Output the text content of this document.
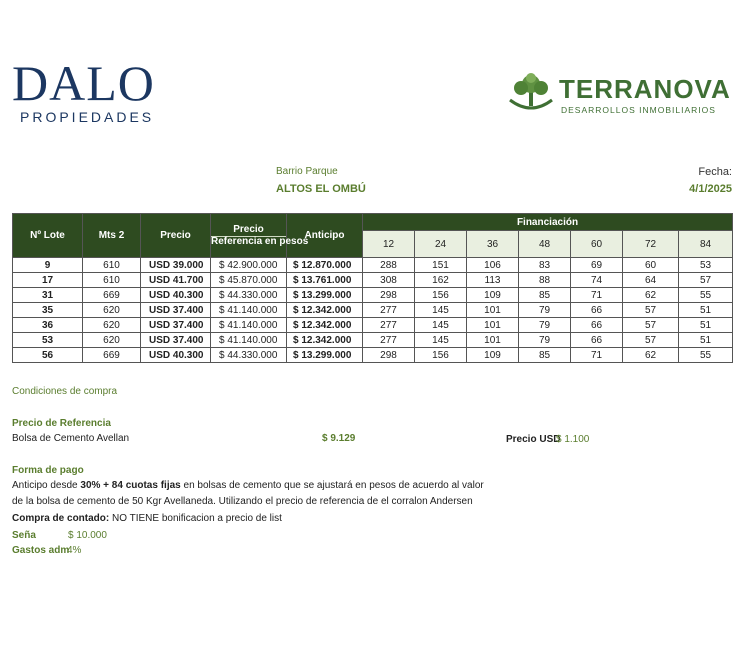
DALO
PROPIEDADES
TERRANOVA
DESARROLLOS INMOBILIARIOS
Barrio Parque
ALTOS EL OMBÚ
Fecha:
4/1/2025
Nº Lote	Mts 2	Precio	Precio
Referencia en pesos	Anticipo	Financiación						
					12	24	36	48	60	72	84
9	610	USD 39.000	$ 42.900.000	$ 12.870.000	288	151	106	83	69	60	53
17	610	USD 41.700	$ 45.870.000	$ 13.761.000	308	162	113	88	74	64	57
31	669	USD 40.300	$ 44.330.000	$ 13.299.000	298	156	109	85	71	62	55
35	620	USD 37.400	$ 41.140.000	$ 12.342.000	277	145	101	79	66	57	51
36	620	USD 37.400	$ 41.140.000	$ 12.342.000	277	145	101	79	66	57	51
53	620	USD 37.400	$ 41.140.000	$ 12.342.000	277	145	101	79	66	57	51
56	669	USD 40.300	$ 44.330.000	$ 13.299.000	298	156	109	85	71	62	55
Condiciones de compra
Precio de Referencia
Bolsa de Cemento Avellan	$ 9.129	Precio USD
$ 1.100
Forma de pago
Anticipo desde 30% + 84 cuotas fijas en bolsas de cemento que se ajustará en pesos de acuerdo al valor
de la bolsa de cemento de 50 Kgr Avellaneda. Utilizando el precio de referencia de el corralon Andersen
Compra de contado: NO TIENE bonificacion a precio de list
Seña	$ 10.000
Gastos adm
4%
